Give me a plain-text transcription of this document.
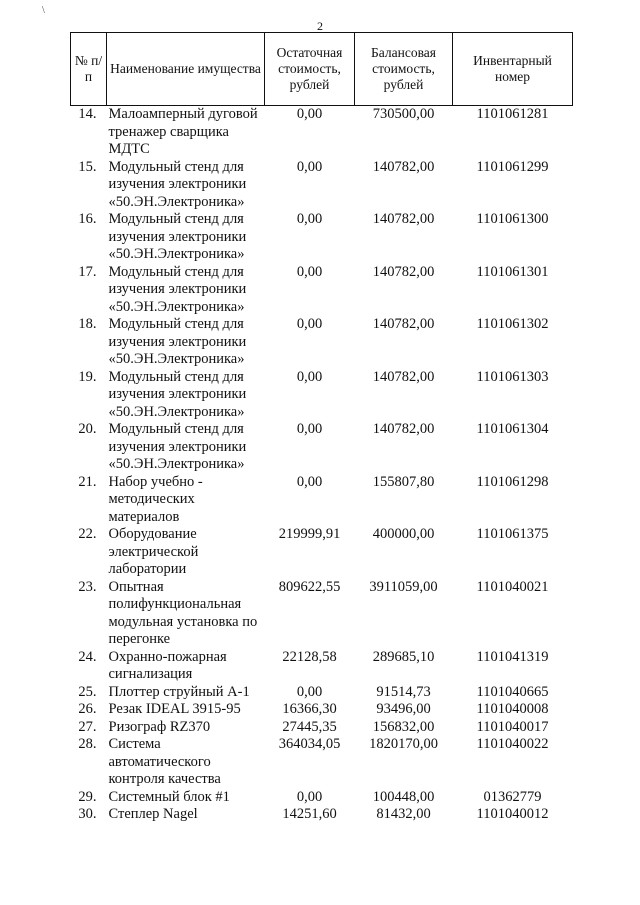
\
2
№ п/п	Наименование имущества	Остаточная стоимость, рублей	Балансовая стоимость, рублей	Инвентарный номер
14.	Малоамперный дуговой тренажер сварщика МДТС	0,00	730500,00	1101061281
15.	Модульный стенд для изучения электроники «50.ЭН.Электроника»	0,00	140782,00	1101061299
16.	Модульный стенд для изучения электроники «50.ЭН.Электроника»	0,00	140782,00	1101061300
17.	Модульный стенд для изучения электроники «50.ЭН.Электроника»	0,00	140782,00	1101061301
18.	Модульный стенд для изучения электроники «50.ЭН.Электроника»	0,00	140782,00	1101061302
19.	Модульный стенд для изучения электроники «50.ЭН.Электроника»	0,00	140782,00	1101061303
20.	Модульный стенд для изучения электроники «50.ЭН.Электроника»	0,00	140782,00	1101061304
21.	Набор учебно - методических материалов	0,00	155807,80	1101061298
22.	Оборудование электрической лаборатории	219999,91	400000,00	1101061375
23.	Опытная полифункциональная модульная установка по перегонке	809622,55	3911059,00	1101040021
24.	Охранно-пожарная сигнализация	22128,58	289685,10	1101041319
25.	Плоттер струйный А-1	0,00	91514,73	1101040665
26.	Резак IDEAL 3915-95	16366,30	93496,00	1101040008
27.	Ризограф RZ370	27445,35	156832,00	1101040017
28.	Система автоматического контроля качества	364034,05	1820170,00	1101040022
29.	Системный блок #1	0,00	100448,00	01362779
30.	Степлер Nagel	14251,60	81432,00	1101040012
